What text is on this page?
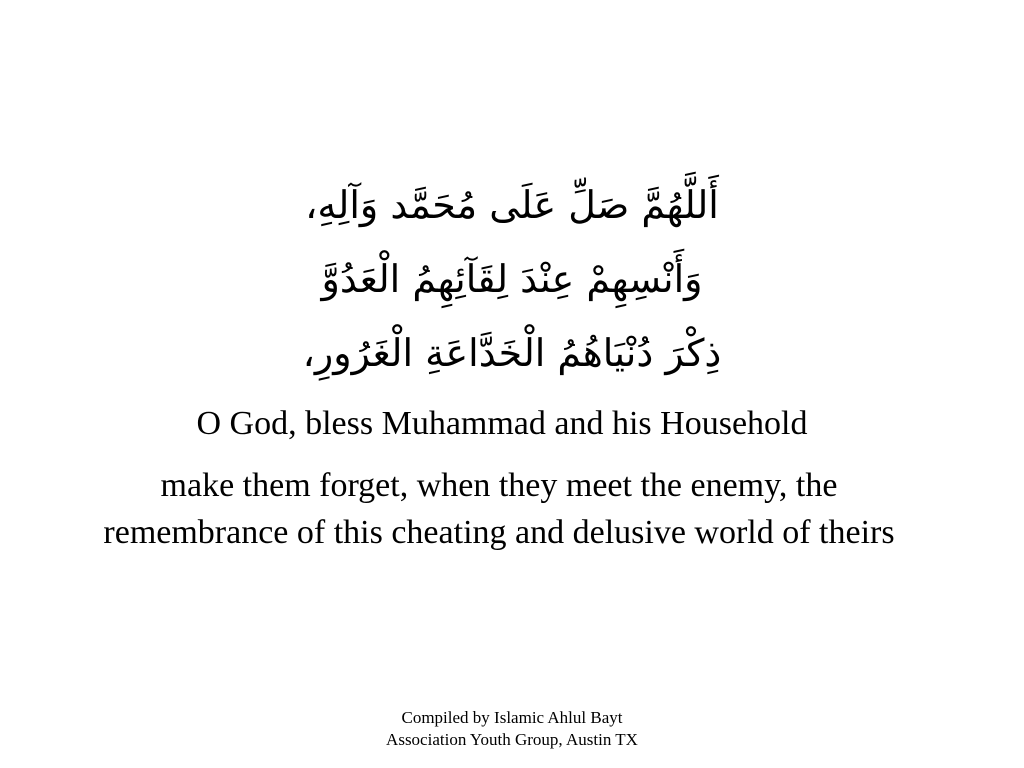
أَللَّهُمَّ صَلِّ عَلَى مُحَمَّد وَآلِهِ،

وَأَنْسِهِمْ عِنْدَ لِقَآئِهِمُ الْعَدُوَّ

ذِكْرَ دُنْيَاهُمُ الْخَدَّاعَةِ الْغَرُورِ،

O God, bless Muhammad and his Household

make them forget, when they meet the enemy, the remembrance of this cheating and delusive world of theirs

Compiled by Islamic Ahlul Bayt
Association Youth Group, Austin TX
